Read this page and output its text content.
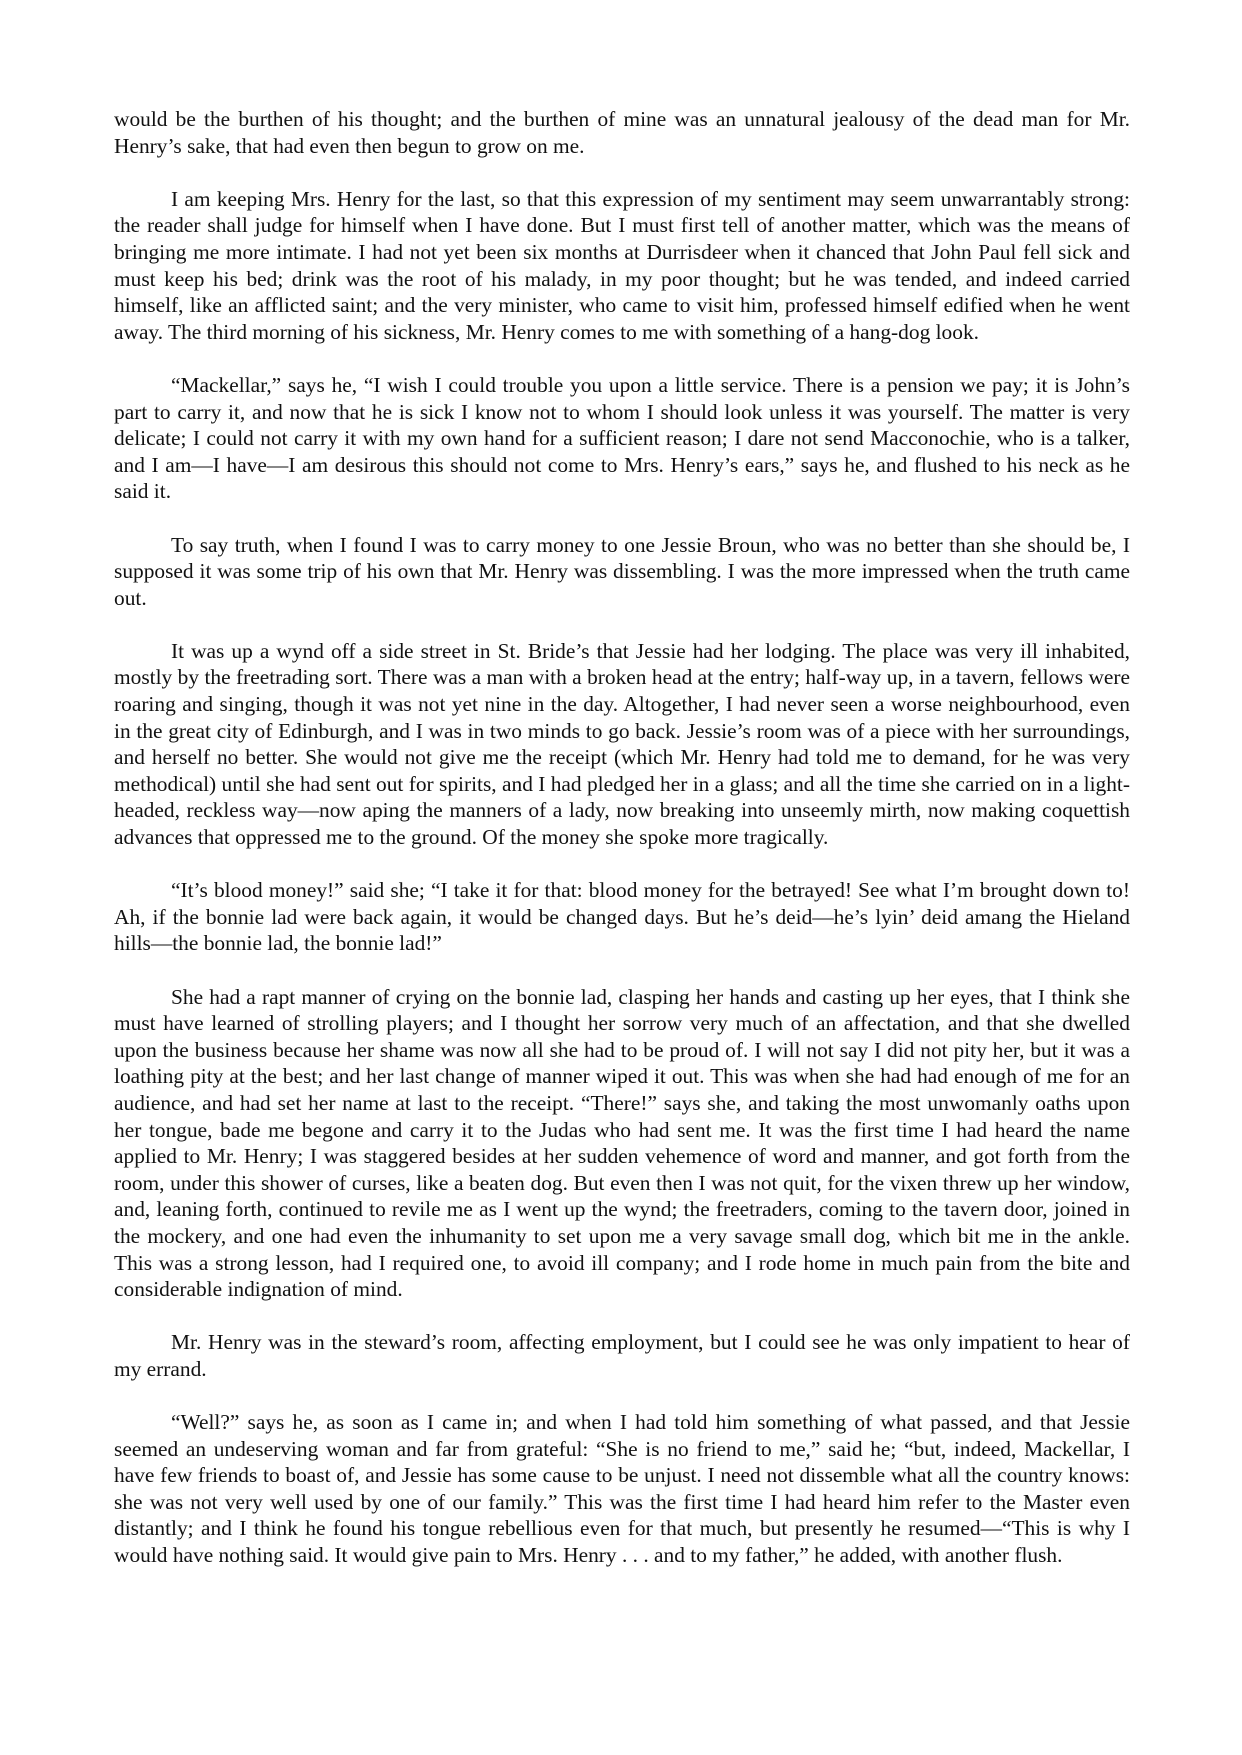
would be the burthen of his thought; and the burthen of mine was an unnatural jealousy of the dead man for Mr. Henry’s sake, that had even then begun to grow on me.

I am keeping Mrs. Henry for the last, so that this expression of my sentiment may seem unwarrantably strong: the reader shall judge for himself when I have done. But I must first tell of another matter, which was the means of bringing me more intimate. I had not yet been six months at Durrisdeer when it chanced that John Paul fell sick and must keep his bed; drink was the root of his malady, in my poor thought; but he was tended, and indeed carried himself, like an afflicted saint; and the very minister, who came to visit him, professed himself edified when he went away. The third morning of his sickness, Mr. Henry comes to me with something of a hang-dog look.

“Mackellar,” says he, “I wish I could trouble you upon a little service. There is a pension we pay; it is John’s part to carry it, and now that he is sick I know not to whom I should look unless it was yourself. The matter is very delicate; I could not carry it with my own hand for a sufficient reason; I dare not send Macconochie, who is a talker, and I am—I have—I am desirous this should not come to Mrs. Henry’s ears,” says he, and flushed to his neck as he said it.

To say truth, when I found I was to carry money to one Jessie Broun, who was no better than she should be, I supposed it was some trip of his own that Mr. Henry was dissembling. I was the more impressed when the truth came out.

It was up a wynd off a side street in St. Bride’s that Jessie had her lodging. The place was very ill inhabited, mostly by the freetrading sort. There was a man with a broken head at the entry; half-way up, in a tavern, fellows were roaring and singing, though it was not yet nine in the day. Altogether, I had never seen a worse neighbourhood, even in the great city of Edinburgh, and I was in two minds to go back. Jessie’s room was of a piece with her surroundings, and herself no better. She would not give me the receipt (which Mr. Henry had told me to demand, for he was very methodical) until she had sent out for spirits, and I had pledged her in a glass; and all the time she carried on in a light-headed, reckless way—now aping the manners of a lady, now breaking into unseemly mirth, now making coquettish advances that oppressed me to the ground. Of the money she spoke more tragically.

“It’s blood money!” said she; “I take it for that: blood money for the betrayed! See what I’m brought down to! Ah, if the bonnie lad were back again, it would be changed days. But he’s deid—he’s lyin’ deid amang the Hieland hills—the bonnie lad, the bonnie lad!”

She had a rapt manner of crying on the bonnie lad, clasping her hands and casting up her eyes, that I think she must have learned of strolling players; and I thought her sorrow very much of an affectation, and that she dwelled upon the business because her shame was now all she had to be proud of. I will not say I did not pity her, but it was a loathing pity at the best; and her last change of manner wiped it out. This was when she had had enough of me for an audience, and had set her name at last to the receipt. “There!” says she, and taking the most unwomanly oaths upon her tongue, bade me begone and carry it to the Judas who had sent me. It was the first time I had heard the name applied to Mr. Henry; I was staggered besides at her sudden vehemence of word and manner, and got forth from the room, under this shower of curses, like a beaten dog. But even then I was not quit, for the vixen threw up her window, and, leaning forth, continued to revile me as I went up the wynd; the freetraders, coming to the tavern door, joined in the mockery, and one had even the inhumanity to set upon me a very savage small dog, which bit me in the ankle. This was a strong lesson, had I required one, to avoid ill company; and I rode home in much pain from the bite and considerable indignation of mind.

Mr. Henry was in the steward’s room, affecting employment, but I could see he was only impatient to hear of my errand.

“Well?” says he, as soon as I came in; and when I had told him something of what passed, and that Jessie seemed an undeserving woman and far from grateful: “She is no friend to me,” said he; “but, indeed, Mackellar, I have few friends to boast of, and Jessie has some cause to be unjust. I need not dissemble what all the country knows: she was not very well used by one of our family.” This was the first time I had heard him refer to the Master even distantly; and I think he found his tongue rebellious even for that much, but presently he resumed—“This is why I would have nothing said. It would give pain to Mrs. Henry . . . and to my father,” he added, with another flush.
